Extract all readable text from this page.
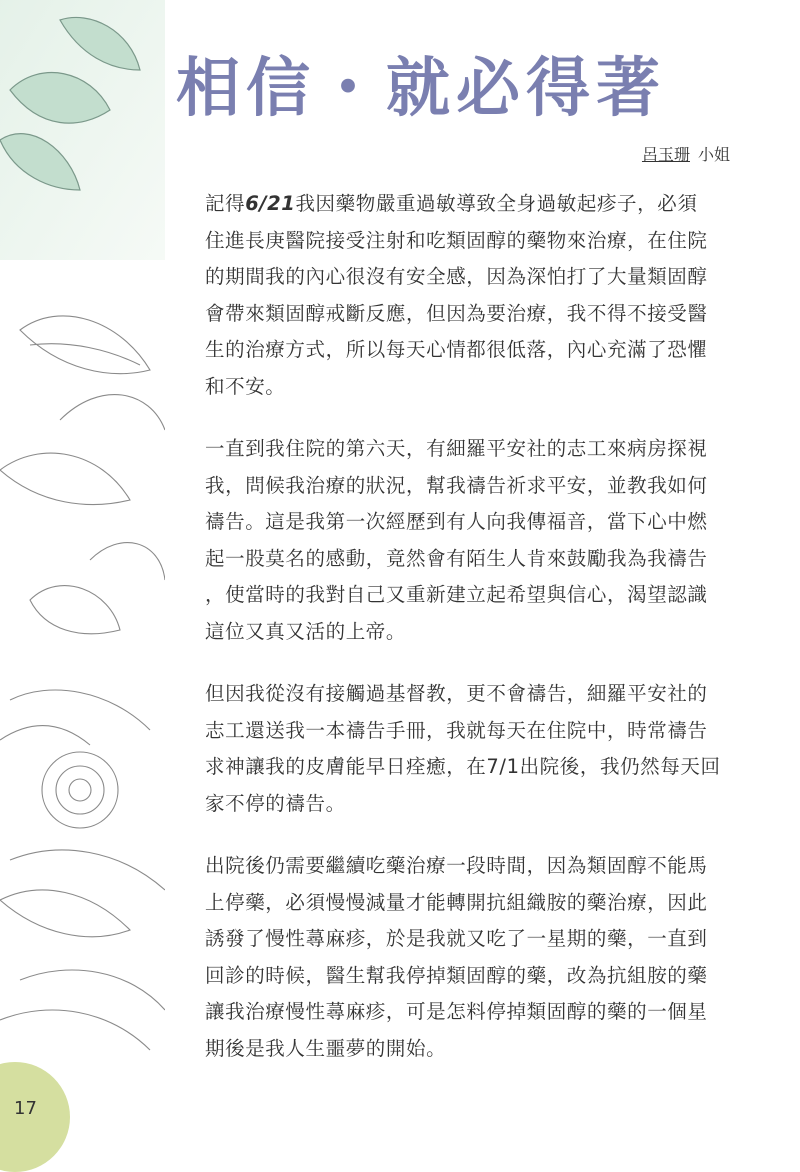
17
相信・就必得著
呂玉珊 小姐

記得6/21我因藥物嚴重過敏導致全身過敏起疹子，必須
住進長庚醫院接受注射和吃類固醇的藥物來治療，在住院
的期間我的內心很沒有安全感，因為深怕打了大量類固醇
會帶來類固醇戒斷反應，但因為要治療，我不得不接受醫
生的治療方式，所以每天心情都很低落，內心充滿了恐懼
和不安。

一直到我住院的第六天，有細羅平安社的志工來病房探視
我，問候我治療的狀況，幫我禱告祈求平安，並教我如何
禱告。這是我第一次經歷到有人向我傳福音，當下心中燃
起一股莫名的感動，竟然會有陌生人肯來鼓勵我為我禱告
，使當時的我對自己又重新建立起希望與信心，渴望認識
這位又真又活的上帝。

但因我從沒有接觸過基督教，更不會禱告，細羅平安社的
志工還送我一本禱告手冊，我就每天在住院中，時常禱告
求神讓我的皮膚能早日痊癒，在7/1出院後，我仍然每天回
家不停的禱告。

出院後仍需要繼續吃藥治療一段時間，因為類固醇不能馬
上停藥，必須慢慢減量才能轉開抗組織胺的藥治療，因此
誘發了慢性蕁麻疹，於是我就又吃了一星期的藥，一直到
回診的時候，醫生幫我停掉類固醇的藥，改為抗組胺的藥
讓我治療慢性蕁麻疹，可是怎料停掉類固醇的藥的一個星
期後是我人生噩夢的開始。
